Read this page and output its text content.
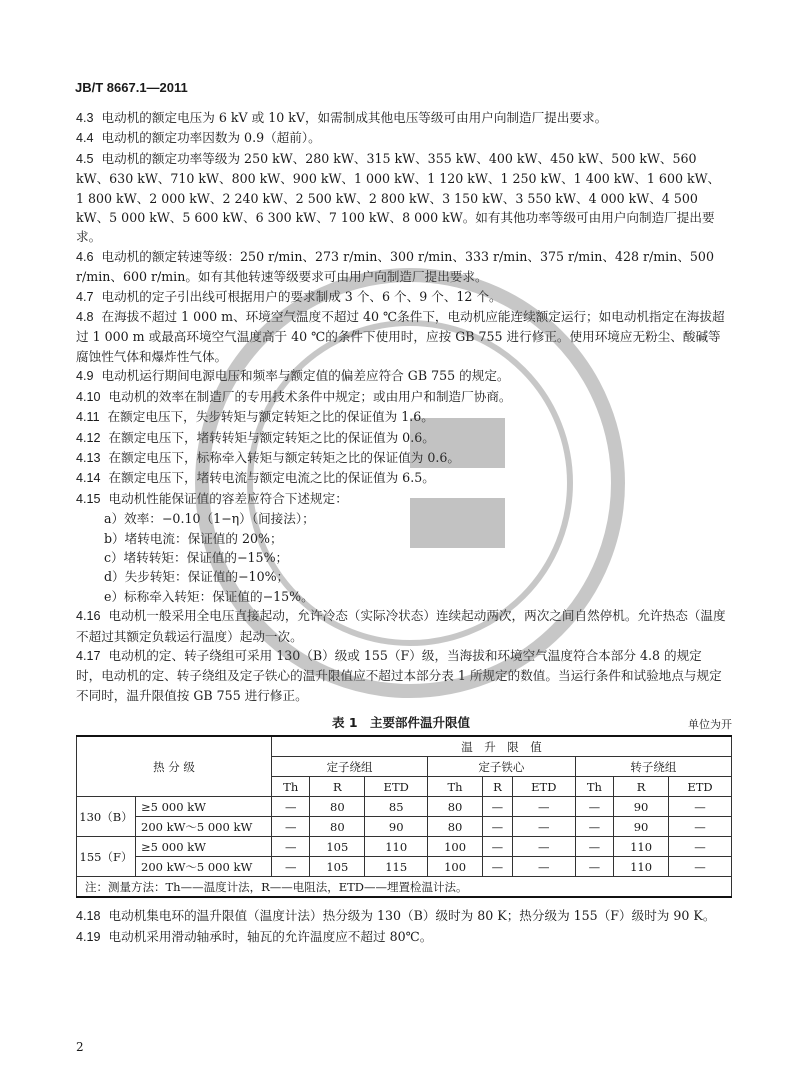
JB/T 8667.1—2011

4.3 电动机的额定电压为 6 kV 或 10 kV，如需制成其他电压等级可由用户向制造厂提出要求。

4.4 电动机的额定功率因数为 0.9（超前）。

4.5 电动机的额定功率等级为 250 kW、280 kW、315 kW、355 kW、400 kW、450 kW、500 kW、560 kW、630 kW、710 kW、800 kW、900 kW、1 000 kW、1 120 kW、1 250 kW、1 400 kW、1 600 kW、1 800 kW、2 000 kW、2 240 kW、2 500 kW、2 800 kW、3 150 kW、3 550 kW、4 000 kW、4 500 kW、5 000 kW、5 600 kW、6 300 kW、7 100 kW、8 000 kW。如有其他功率等级可由用户向制造厂提出要求。

4.6 电动机的额定转速等级：250 r/min、273 r/min、300 r/min、333 r/min、375 r/min、428 r/min、500 r/min、600 r/min。如有其他转速等级要求可由用户向制造厂提出要求。

4.7 电动机的定子引出线可根据用户的要求制成 3 个、6 个、9 个、12 个。

4.8 在海拔不超过 1 000 m、环境空气温度不超过 40 ℃条件下，电动机应能连续额定运行；如电动机指定在海拔超过 1 000 m 或最高环境空气温度高于 40 ℃的条件下使用时，应按 GB 755 进行修正。使用环境应无粉尘、酸碱等腐蚀性气体和爆炸性气体。

4.9 电动机运行期间电源电压和频率与额定值的偏差应符合 GB 755 的规定。

4.10 电动机的效率在制造厂的专用技术条件中规定；或由用户和制造厂协商。

4.11 在额定电压下，失步转矩与额定转矩之比的保证值为 1.6。

4.12 在额定电压下，堵转转矩与额定转矩之比的保证值为 0.6。

4.13 在额定电压下，标称牵入转矩与额定转矩之比的保证值为 0.6。

4.14 在额定电压下，堵转电流与额定电流之比的保证值为 6.5。

4.15 电动机性能保证值的容差应符合下述规定：

a）效率：−0.10（1−η）（间接法）；

b）堵转电流：保证值的 20%；

c）堵转转矩：保证值的−15%；

d）失步转矩：保证值的−10%；

e）标称牵入转矩：保证值的−15%。

4.16 电动机一般采用全电压直接起动，允许冷态（实际冷状态）连续起动两次，两次之间自然停机。允许热态（温度不超过其额定负载运行温度）起动一次。

4.17 电动机的定、转子绕组可采用 130（B）级或 155（F）级，当海拔和环境空气温度符合本部分 4.8 的规定时，电动机的定、转子绕组及定子铁心的温升限值应不超过本部分表 1 所规定的数值。当运行条件和试验地点与规定不同时，温升限值按 GB 755 进行修正。

表 1　主要部件温升限值	单位为开
热 分 级		温　升　限　值								
		定子绕组			定子铁心			转子绕组		
		Th	R	ETD	Th	R	ETD	Th	R	ETD
130（B）	≥5 000 kW	—	80	85	80	—	—	—	90	—
	200 kW～5 000 kW	—	80	90	80	—	—	—	90	—
155（F）	≥5 000 kW	—	105	110	100	—	—	—	110	—
	200 kW～5 000 kW	—	105	115	100	—	—	—	110	—
注：测量方法：Th——温度计法，R——电阻法，ETD——埋置检温计法。										

4.18 电动机集电环的温升限值（温度计法）热分级为 130（B）级时为 80 K；热分级为 155（F）级时为 90 K。

4.19 电动机采用滑动轴承时，轴瓦的允许温度应不超过 80℃。

2
